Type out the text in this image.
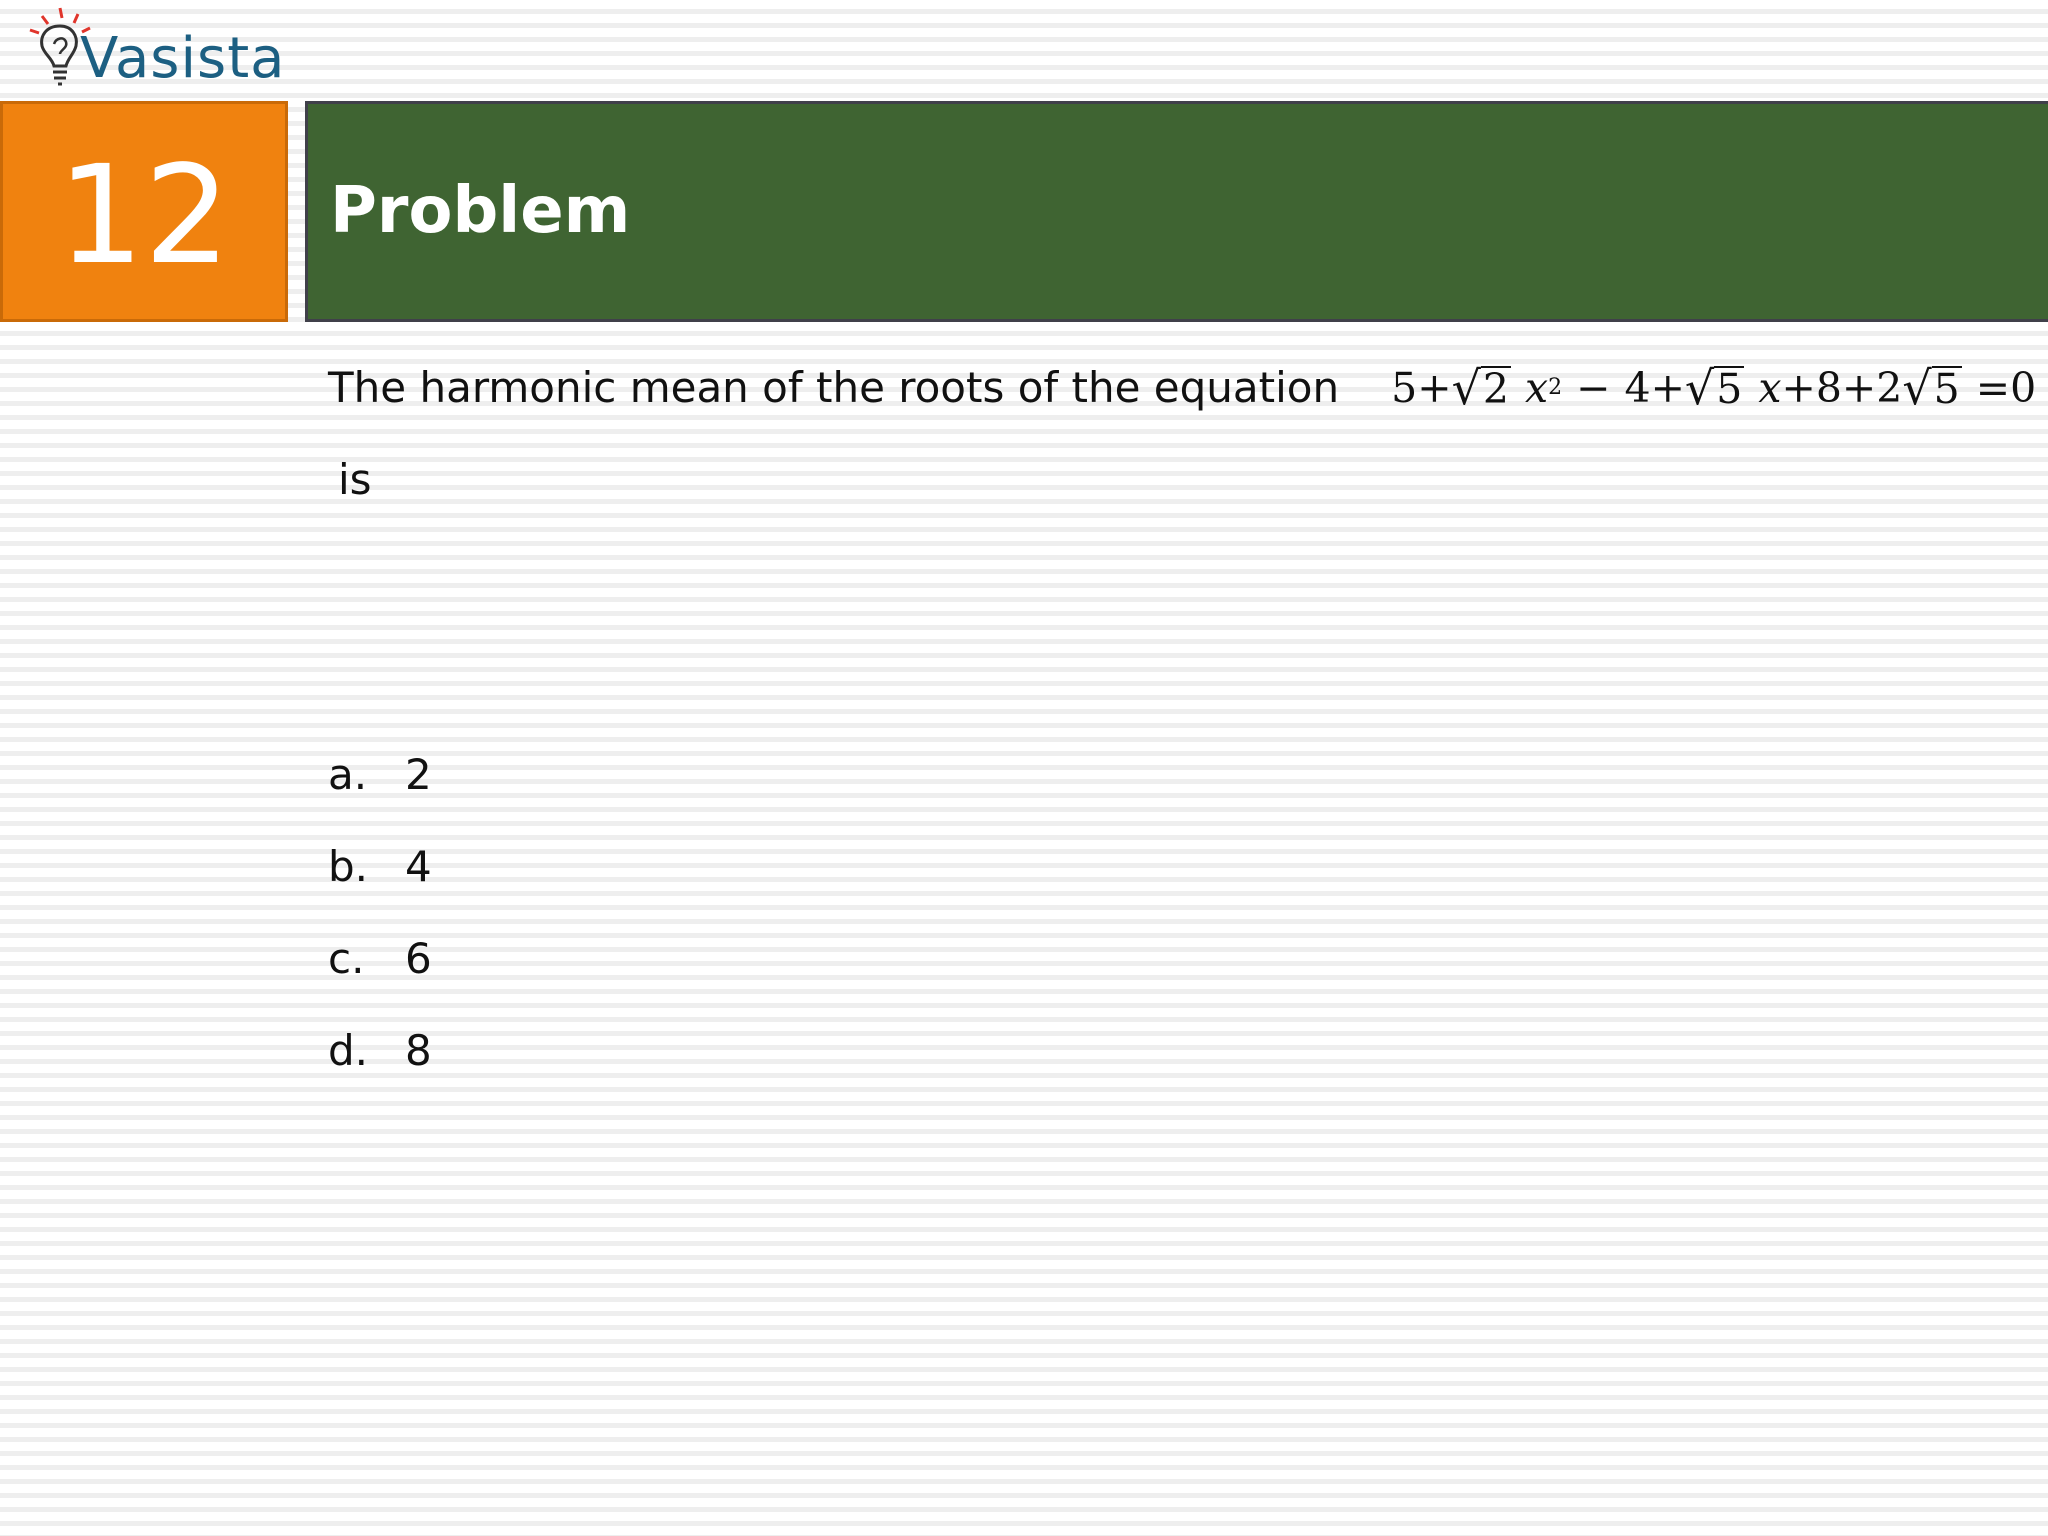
Vasista
12 Problem
The harmonic mean of the roots of the equation 5 + √ 2 x 2 − 4 + √ 5 x + 8 + 2 √ 5 = 0
is
a. 2
b. 4
c. 6
d. 8
